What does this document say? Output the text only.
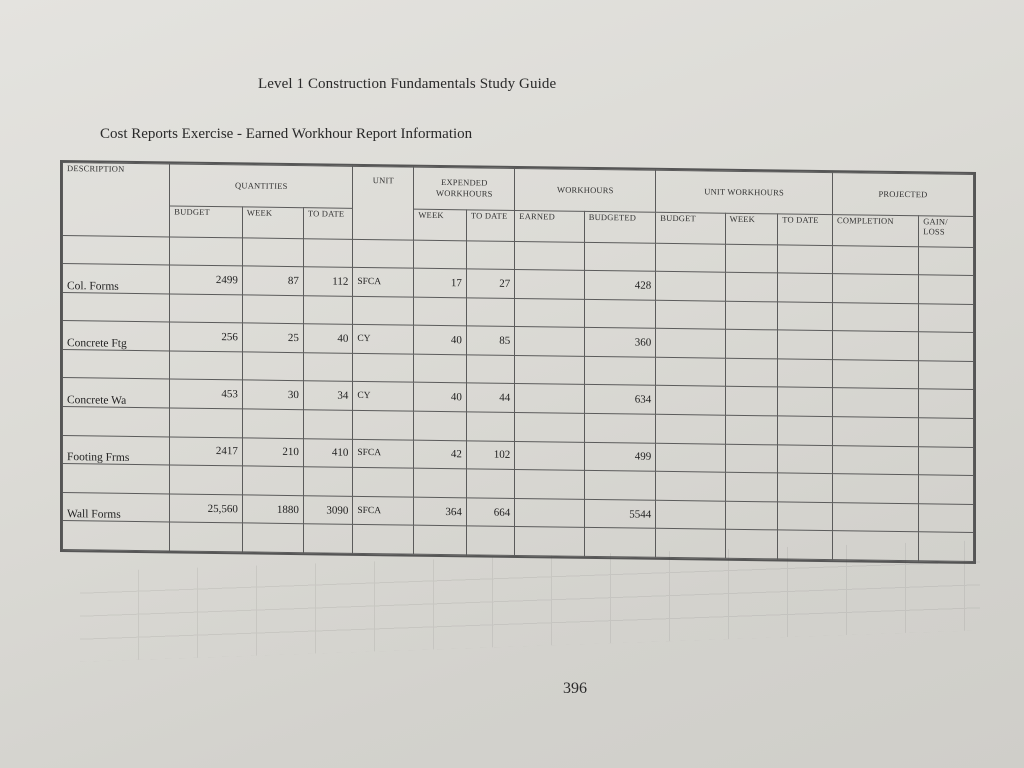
Level 1 Construction Fundamentals Study Guide
Cost Reports Exercise - Earned Workhour Report Information
DESCRIPTION	QUANTITIES			UNIT	EXPENDED WORKHOURS		WORKHOURS		UNIT WORKHOURS			PROJECTED	
	BUDGET	WEEK	TO DATE		WEEK	TO DATE	EARNED	BUDGETED	BUDGET	WEEK	TO DATE	COMPLETION	GAIN/ LOSS

Col. Forms	2499	87	112	SFCA	17	27		428					

Concrete Ftg	256	25	40	CY	40	85		360					

Concrete Wa	453	30	34	CY	40	44		634					

Footing Frms	2417	210	410	SFCA	42	102		499					

Wall Forms	25,560	1880	3090	SFCA	364	664		5544					

396
